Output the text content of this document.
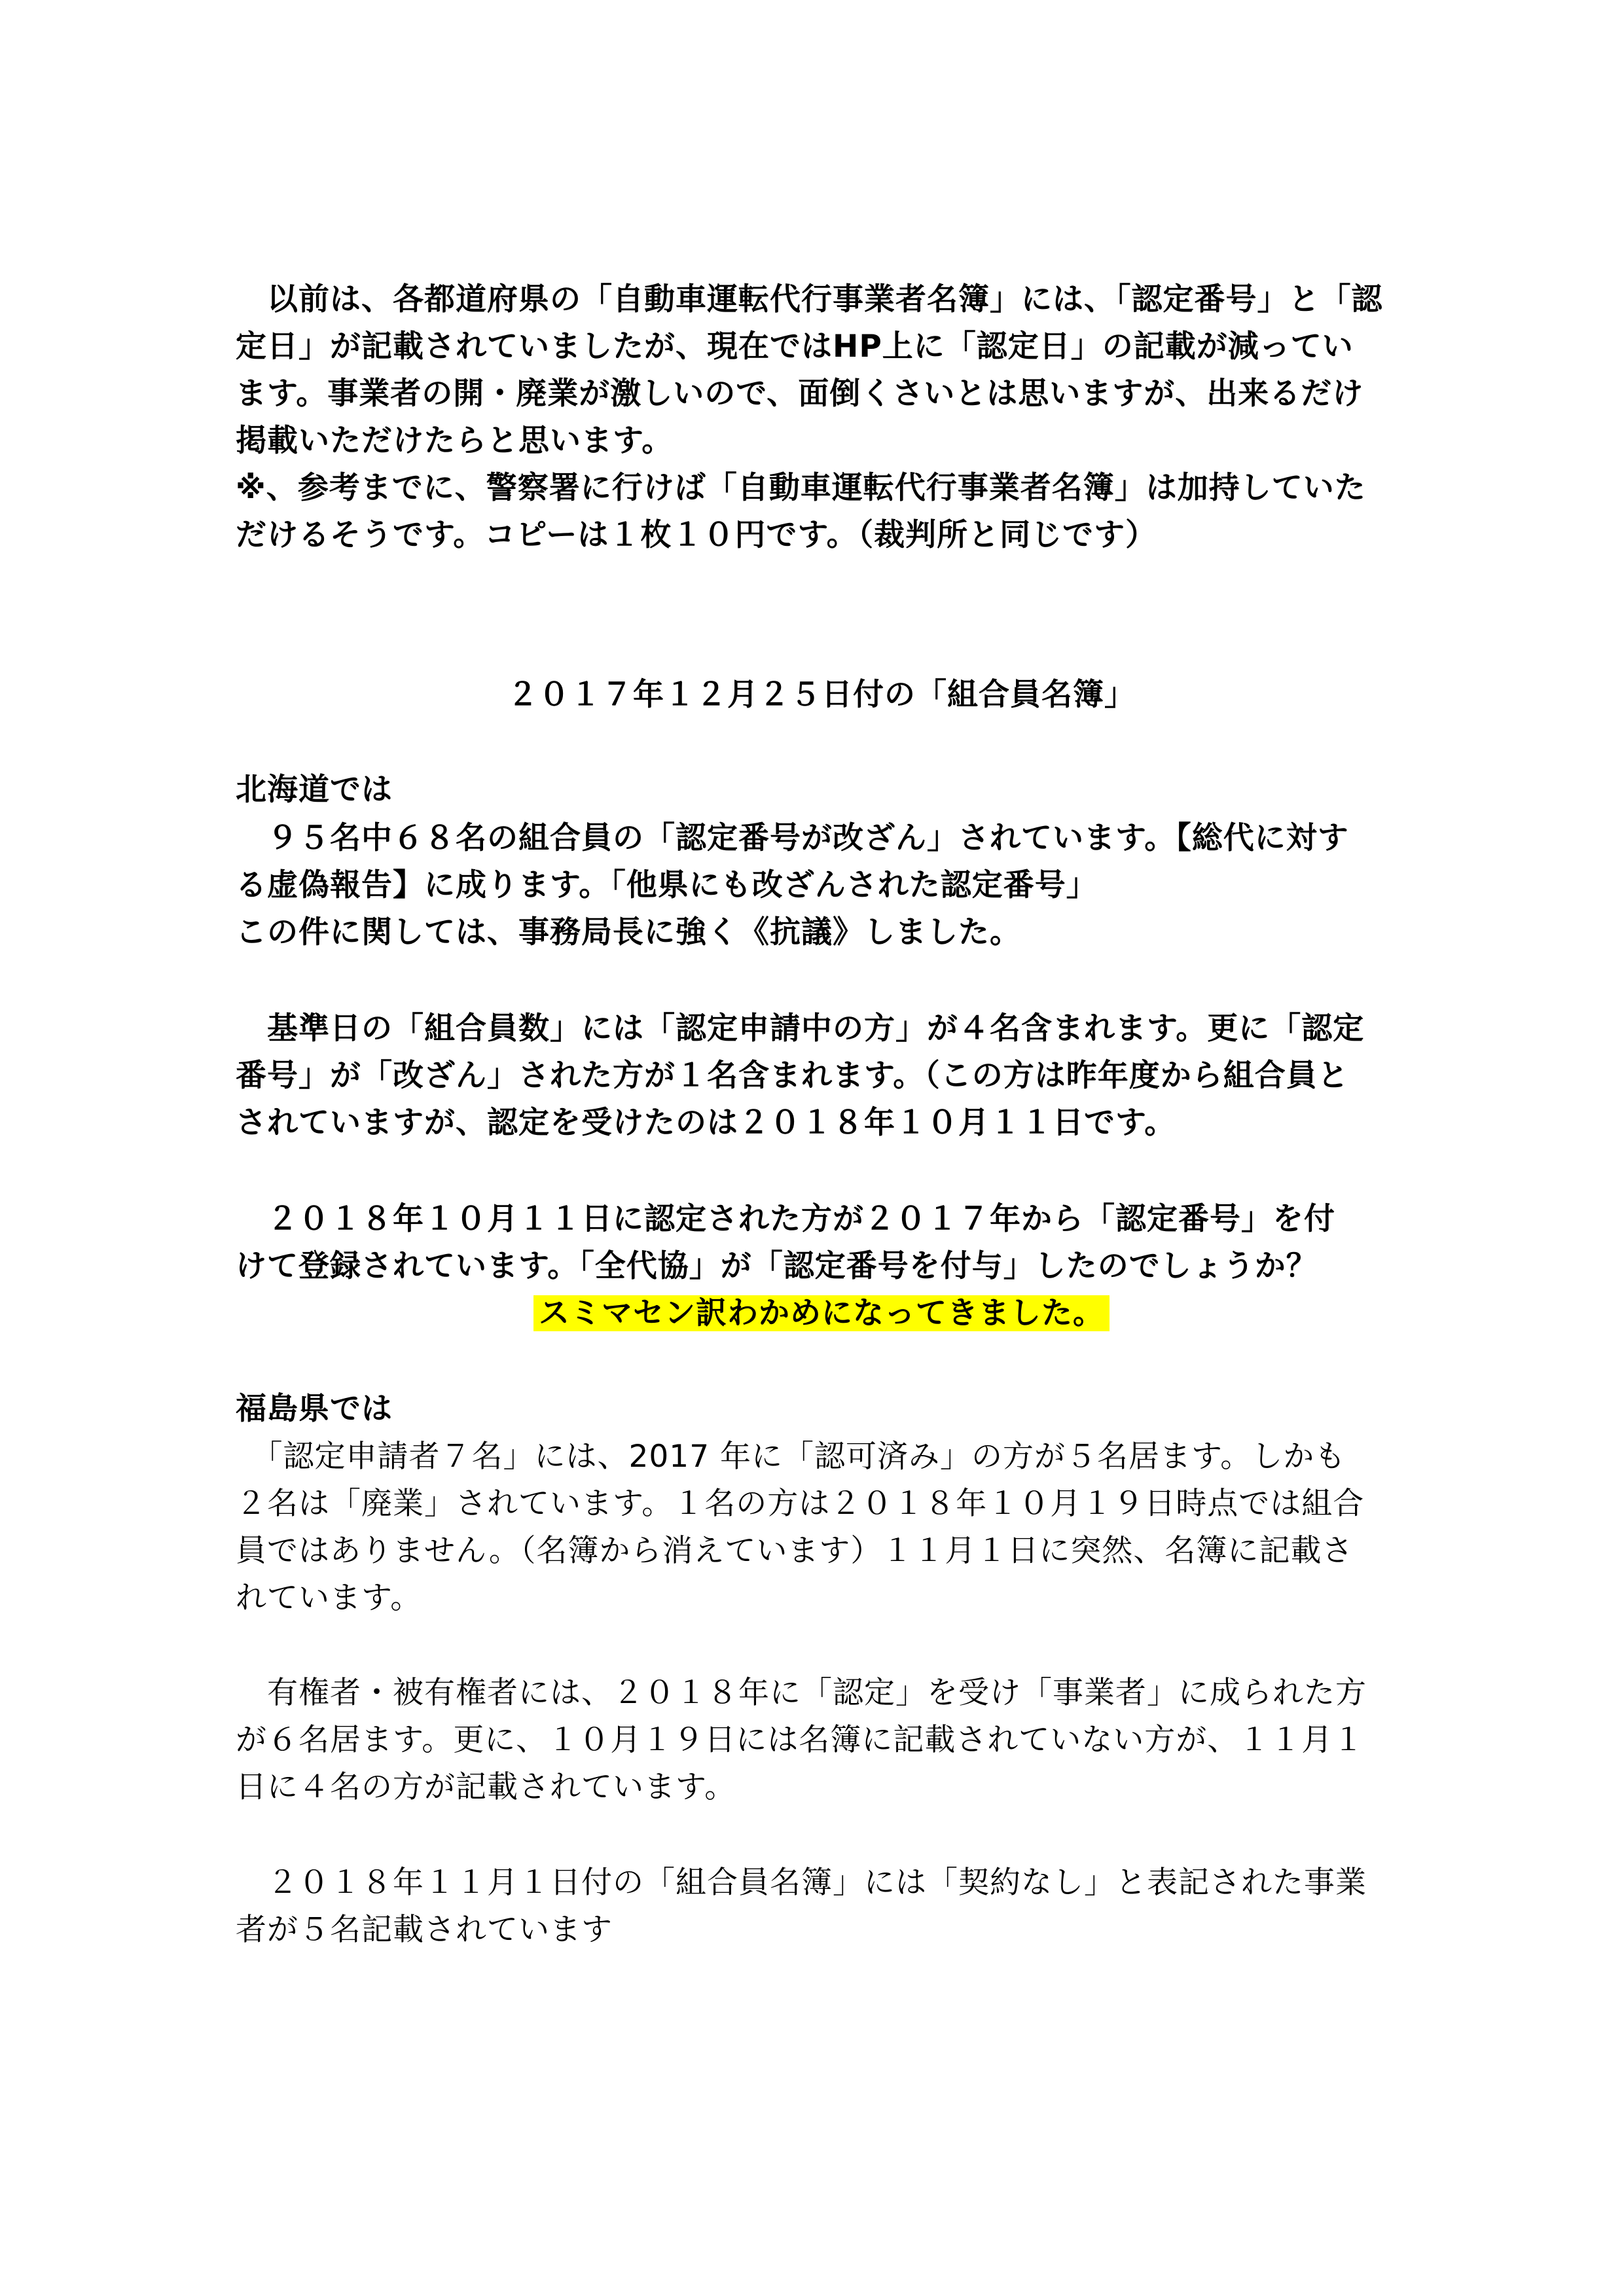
　以前は、各都道府県の「自動車運転代行事業者名簿」には、「認定番号」と「認

定日」が記載されていましたが、現在ではHP上に「認定日」の記載が減ってい

ます。事業者の開・廃業が激しいので、面倒くさいとは思いますが、出来るだけ

掲載いただけたらと思います。

※、参考までに、警察署に行けば「自動車運転代行事業者名簿」は加持していた

だけるそうです。コピーは１枚１０円です。（裁判所と同じです）

２０１７年１２月２５日付の「組合員名簿」

北海道では

　９５名中６８名の組合員の「認定番号が改ざん」されています。【総代に対す

る虚偽報告】に成ります。「他県にも改ざんされた認定番号」

この件に関しては、事務局長に強く《抗議》しました。

　基準日の「組合員数」には「認定申請中の方」が４名含まれます。更に「認定

番号」が「改ざん」された方が１名含まれます。（この方は昨年度から組合員と

されていますが、認定を受けたのは２０１８年１０月１１日です。

　２０１８年１０月１１日に認定された方が２０１７年から「認定番号」を付

けて登録されています。「全代協」が「認定番号を付与」したのでしょうか？

スミマセン訳わかめになってきました。

福島県では

　「認定申請者７名」には、2017 年に「認可済み」の方が５名居ます。しかも

２名は「廃業」されています。１名の方は２０１８年１０月１９日時点では組合

員ではありません。（名簿から消えています）１１月１日に突然、名簿に記載さ

れています。

　有権者・被有権者には、２０１８年に「認定」を受け「事業者」に成られた方

が６名居ます。更に、１０月１９日には名簿に記載されていない方が、１１月１

日に４名の方が記載されています。

　２０１８年１１月１日付の「組合員名簿」には「契約なし」と表記された事業

者が５名記載されています
